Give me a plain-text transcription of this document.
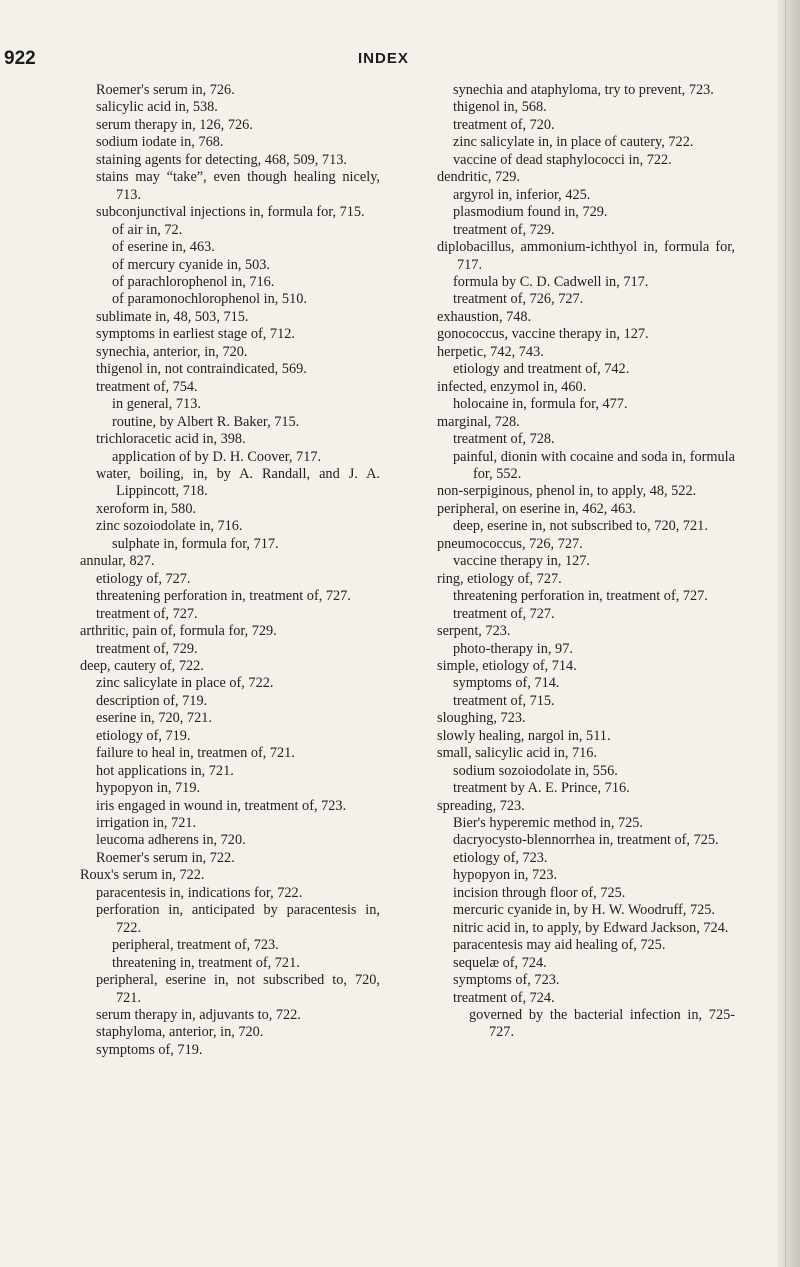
922	INDEX
Roemer's serum in, 726.
salicylic acid in, 538.
serum therapy in, 126, 726.
sodium iodate in, 768.
staining agents for detecting, 468, 509, 713.
stains may “take”, even though healing nicely, 713.
subconjunctival injections in, formula for, 715.
of air in, 72.
of eserine in, 463.
of mercury cyanide in, 503.
of parachlorophenol in, 716.
of paramonochlorophenol in, 510.
sublimate in, 48, 503, 715.
symptoms in earliest stage of, 712.
synechia, anterior, in, 720.
thigenol in, not contraindicated, 569.
treatment of, 754.
in general, 713.
routine, by Albert R. Baker, 715.
trichloracetic acid in, 398.
application of by D. H. Coover, 717.
water, boiling, in, by A. Randall, and J. A. Lippincott, 718.
xeroform in, 580.
zinc sozoiodolate in, 716.
sulphate in, formula for, 717.
annular, 827.
etiology of, 727.
threatening perforation in, treatment of, 727.
treatment of, 727.
arthritic, pain of, formula for, 729.
treatment of, 729.
deep, cautery of, 722.
zinc salicylate in place of, 722.
description of, 719.
eserine in, 720, 721.
etiology of, 719.
failure to heal in, treatmen of, 721.
hot applications in, 721.
hypopyon in, 719.
iris engaged in wound in, treatment of, 723.
irrigation in, 721.
leucoma adherens in, 720.
Roemer's serum in, 722.
Roux's serum in, 722.
paracentesis in, indications for, 722.
perforation in, anticipated by paracentesis in, 722.
peripheral, treatment of, 723.
threatening in, treatment of, 721.
peripheral, eserine in, not subscribed to, 720, 721.
serum therapy in, adjuvants to, 722.
staphyloma, anterior, in, 720.
symptoms of, 719.
synechia and ataphyloma, try to prevent, 723.
thigenol in, 568.
treatment of, 720.
zinc salicylate in, in place of cautery, 722.
vaccine of dead staphylococci in, 722.
dendritic, 729.
argyrol in, inferior, 425.
plasmodium found in, 729.
treatment of, 729.
diplobacillus, ammonium-ichthyol in, formula for, 717.
formula by C. D. Cadwell in, 717.
treatment of, 726, 727.
exhaustion, 748.
gonococcus, vaccine therapy in, 127.
herpetic, 742, 743.
etiology and treatment of, 742.
infected, enzymol in, 460.
holocaine in, formula for, 477.
marginal, 728.
treatment of, 728.
painful, dionin with cocaine and soda in, formula for, 552.
non-serpiginous, phenol in, to apply, 48, 522.
peripheral, on eserine in, 462, 463.
deep, eserine in, not subscribed to, 720, 721.
pneumococcus, 726, 727.
vaccine therapy in, 127.
ring, etiology of, 727.
threatening perforation in, treatment of, 727.
treatment of, 727.
serpent, 723.
photo-therapy in, 97.
simple, etiology of, 714.
symptoms of, 714.
treatment of, 715.
sloughing, 723.
slowly healing, nargol in, 511.
small, salicylic acid in, 716.
sodium sozoiodolate in, 556.
treatment by A. E. Prince, 716.
spreading, 723.
Bier's hyperemic method in, 725.
dacryocysto-blennorrhea in, treatment of, 725.
etiology of, 723.
hypopyon in, 723.
incision through floor of, 725.
mercuric cyanide in, by H. W. Woodruff, 725.
nitric acid in, to apply, by Edward Jackson, 724.
paracentesis may aid healing of, 725.
sequelæ of, 724.
symptoms of, 723.
treatment of, 724.
governed by the bacterial infection in, 725-727.
